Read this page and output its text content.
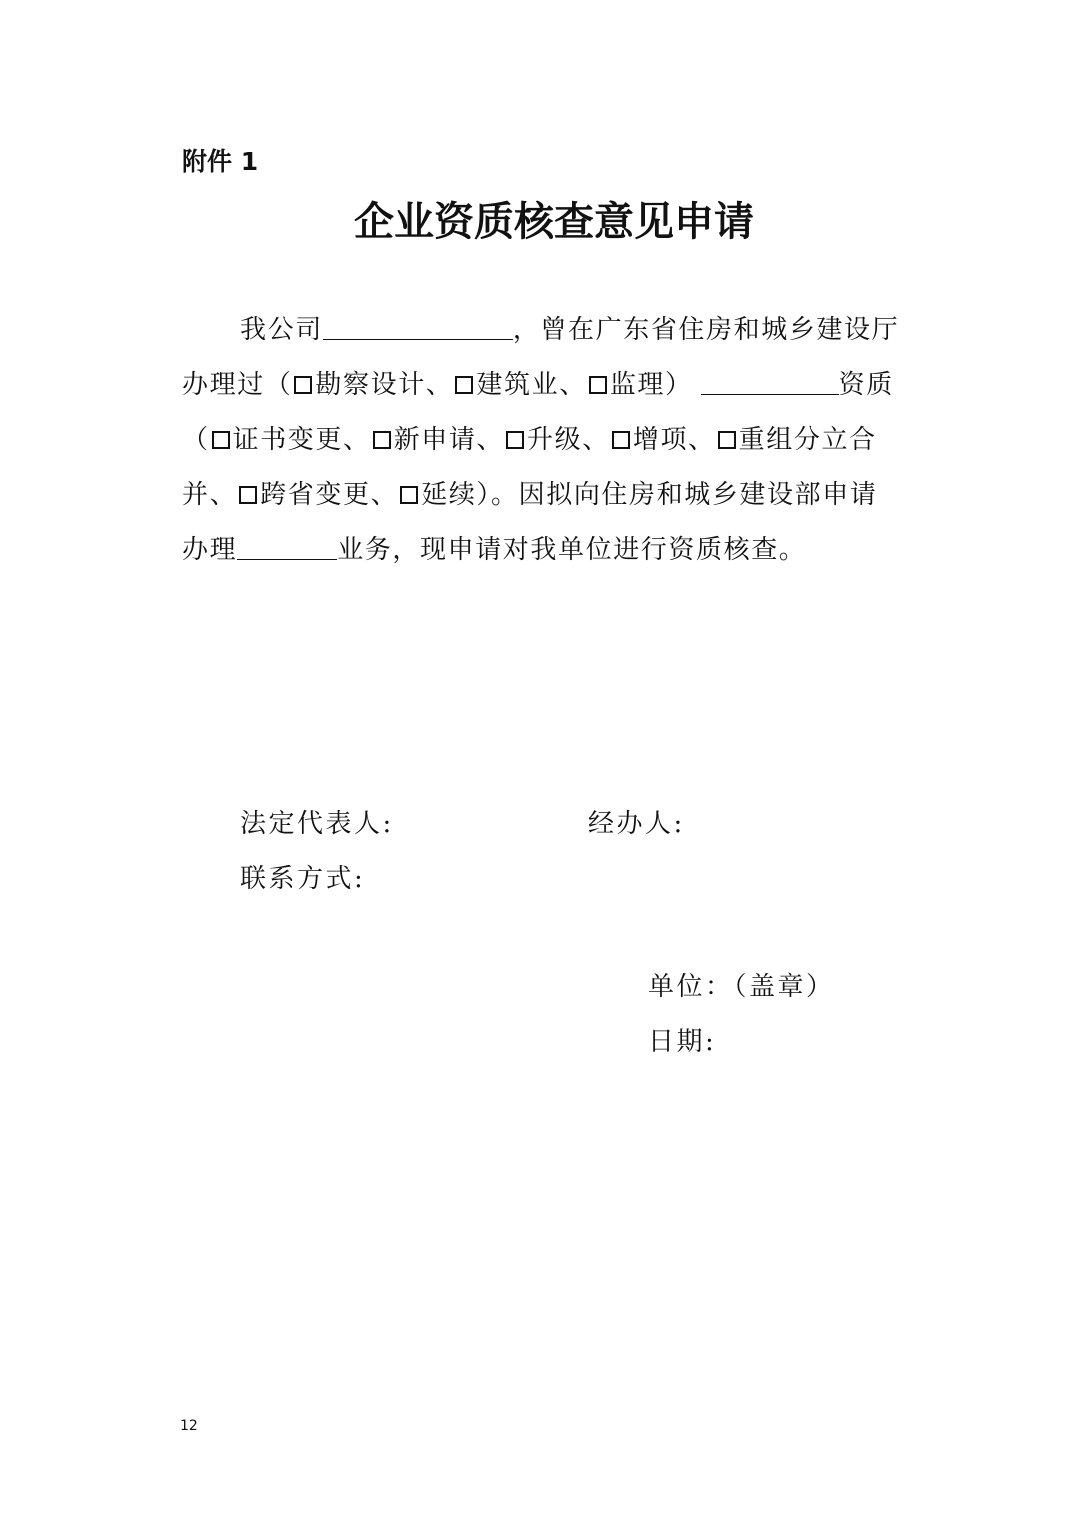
附件 1
企业资质核查意见申请
我公司	，曾在广东省住房和城乡建设厅
办理过（ 勘察设计、 建筑业、 监理）	资质
（ 证书变更、 新申请、 升级、 增项、 重组分立合
并、 跨省变更、 延续）。因拟向住房和城乡建设部申请
办理	业务，现申请对我单位进行资质核查。
法定代表人:	经办人:
联系方式:
单位：（盖章）
日期:
12
